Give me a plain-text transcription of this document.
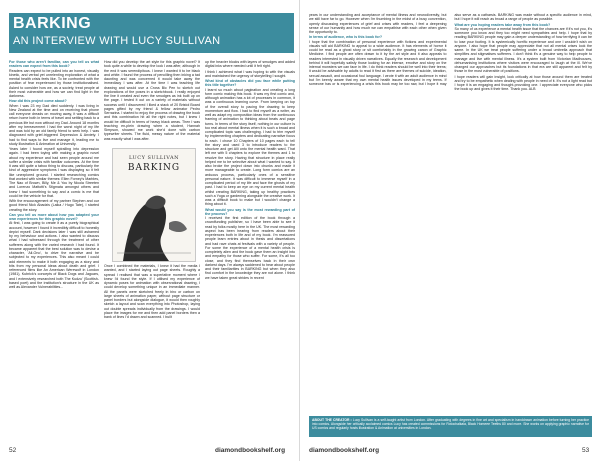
BARKING
AN INTERVIEW WITH LUCY SULLIVAN

For those who aren't familiar, can you tell us what readers can expect from this book?

Readers can expect to be pulled into an honest, visually kinetic, and verbal yet unrelenting exploration of what a mental health crisis feels like. To be confronted with the position of fear experienced by those institutionalised. Asked to consider how we, as a society, treat people at their most vulnerable and how we can find light in the darkness.

How did this project come about?

When I was 23 my Dad died suddenly. I was living in New Zealand at the time and on receiving that phone call everyone dreads on moving away, it was a difficult return home both in terms of travel and settling back to a previous life but now without my Dad. Around 18 months after my bereavement I had the worst night of my life and was told by an old family friend to seek help. I was diagnosed with grief-triggered Depression & Anxiety. I had to find ways to live and manage it, leading me to study illustration & Animation at University.

Years later I found myself spiralling into depression again. I had been toying with making a graphic novel about my experience and had seen people around me suffer a similar crisis with familiar outcomes. At the time it was still quite a taboo thing to discuss, particularly the kind of aggressive symptoms I was displaying so it felt like unexplored ground. I started researching comics that worked with similar themes: Ellen Forney's Marbles, The Nao of Brown, Billy, Me & You by Nicola Streeten and Lorenzo Mattotti's Stigmata amongst others and knew I had something to say and a comic is me that could be the vehicle for that.

With the encouragement of my partner Stephen and our good friend Nick Abadzis (Laika / Hugo Tate), I started creating the story.

Can you tell us more about how you adapted your own experiences for this graphic novel?

At first, I was going to create it as a purely biographical account, however I found it incredibly difficult to honestly depict myself. Dark decisions later I was still ashamed by my behaviour and actions. I also wanted to discuss what I had witnessed through the treatment of other sufferers along with the varied research I had found. It became apparent that the best solution was to devise a character, 'Ali-Ono', to drive the narrative and be subjected to my experiences. This also meant I could add elements to make it both engaging as a story and bits from my personal ideas about death and grief. I referenced films like An American Werewolf in London (1981), Kubrick's concepts of Black Dogs and Jaguars, and I extensively researched both The Kudzu' (Scottish-based poet) and the institution's structure in the UK as well as Alexander Vulnerabilities...

How did you develop the art style for this graphic novel? It took quite a while to develop the look I was after, although in the end it was serendipitous. I knew I wanted it to be black and white. I found the process of pencilling then inking a tad daunting and was concerned it would take away the immediacy I was after. At the time I was teaching life drawing and would use a Cross Bic Pen to sketch out explorations of the poses in a sketchbook. I really enjoyed the line it created and even the smudges as ink built up on the page. I tested it out on a variety of materials without success until I discovered I liked a stack of 20 Bristol Board pages gifted by my friend & fellow animator Pedro Serrazina. I started to enjoy the process of drawing the book and this combination hit all the right notes, but I knew I would be difficult in terms of heavy black areas. Then I was teaching en-plein drawing when a student, Hannah Simpson, showed me work she'd done with carbon typewriter sheets. The fluid, messy nature of the material was exactly what I was after.

LUCY SULLIVAN
BARKING

Once I combined the materials, I knew it had the media I wanted, and I started laying out page sheets. Roughly a spread I realised that was a superlative moment where I knew I'd found the style. If I utilised my experience of dynamic poses for animation with observational drawing, I could develop something unique in an immediate manner. All the panels were sketched freely in biro or carbon on large sheets of animation paper, without page structure or panel borders but alongside dialogue, it would then roughly sketch a layout and scan everything into Photoshop, laying out double spreads individually from the drawings. I would place the images for me and then add panel borders then a bank of lines I'd drawn and scanned. I built

up the heavier blocks with layers of smudges and added digital inks where needed until it felt right.

I think I achieved what I was hoping to with the visuals and maintained the urgency of storytelling I sought.

What kind of obstacles did you face while putting this title together?

I learnt so much about pagination and creating a long form comic making this book. It was my first comic and, although animation has a lot of processes in common, it was a continuous learning curve. From keeping on top of the overall story to pacing the drawing to keep momentum and flow. I had to find myself as a writer, as well as adapt my composition ideas from the continuous framing of animation to thinking about beats and page turns. In terms of the story itself, nothing in our culture is too real about mental illness when it is such a broad and complicated topic was challenging. I had to trim myself by implementing chapters and dedicating narrative focus to each. I chose 10 Chapters of 10 pages each to tell the story and used 3 to introduce readers to the structure and get Alli onto the mental health ward. That left me with 5 chapters to explore the themes and 1 to resolve the story. Having that structure in place really helped me to be selective about what I wanted to say. It also broke the project down into chunks and made it more manageable to create. Long form comics are an arduous process, particularly ones of a sensitive personal nature. It was difficult to immerse myself in a complicated period of my life and face the ghosts of my past. I had to keep an eye on my current mental health whilst creating BARKING, taking up healthy practices such a Yoga or gardening alongside the creative work. It was a difficult book to make but I wouldn't change a thing about it.

What would you say is the most rewarding part of the process?

I received the first edition of the book through a crowdfunding publisher, so I have been able to see it read by folks mostly here in the UK. The most rewarding aspect has been hearing from readers about their experiences both in life and of my book. I'm reassured people learn entries about in thesis and dissertations and had rave chats at festivals with a variety of people. For some the experience of a mental health crisis is completely alien and the book gave them an insight into and empathy for those who suffer. For some, it's all too close, and they find themselves back in their own darkest days. I'm always saddened to hear about people and their familiarities in BARKING but when they also find comfort in the knowledge they are not alone. I think we have taken great strides in recent

52	diamondbookshelf.org

years in our understanding and acceptance of mental illness and neurodiversity, but we still have far to go. However when I'm thumbing in the midst of a busy convention, openly discussing experiences of grief and crises with readers, I feel a deepening sense of our humanity and how much we can empathise with each other when given the opportunity to.

In terms of audience, who is this book for?

I hope that the combination of personal experience with fictions and experimental visuals will aid BARKING to appeal to a wide audience. It has elements of horror it could be read as a ghost story or sit comfortably in the growing canon of Graphic Medicine. I find people are often drawn to it by the art style and it also appeals to readers interested in visually driven narratives. Equally the research and development behind it will hopefully satisfy those looking for an intense, emotive and story on the internal monsters we can face in life. I do think readers should be well into their teens; it would be advisable by adults to read it first as there are themes of suicide, ideation, sexual assault, and occasional foul language. I wrote it with an adult audience in mind but I'm keenly aware that my own mental health issues developed in my teens. If someone has or is experiencing a crisis this book may be too raw, but I hope it may also serve as a catharsis. BARKING was made without a specific audience in mind, but I hope it will reach as broad a range of people as possible.

What are you hoping readers take away from this book?

So many of us experience a mental health issue that the chances are if it's not you, it's someone you know and they too might need sympathies and help. I hope that by reading BARKING people may gain a deeper understanding of how terrifying it can be to lose your footing. It is systemically horrific experience and one I wouldn't wish on anyone. I also hope that people may appreciate that not all mental crises look the same. In the UK we treat people suffering under a broad umbrella approach that simplifies and stigmatises sufferers. I don't think it's a genuine way to help people to manage and live with mental illness. It's a system built from Victorian Madhouses, dehumanising institutions where visitors were encouraged to laugh at the ill. We've changed our approaches but its foundations in that era are still apparent and felt by those in the most vulnerable of positions.

I hope readers will gain insight, look critically at how those around them are treated and try to be empathetic when dealing with people in need of it. It's not a light read but I hope it is an engaging and thought-provoking one. I appreciate everyone who picks the book up and gives it their time. Thank you. ALB

ABOUT THE CREATOR • Lucy Sullivan is a self-taught artist from London. After graduating with degrees in fine art and specialism in handdrawn animation before turning her practice into comics. Alongside her critically acclaimed comics Lucy has created commissions for Rotochalkala, Black Homeee Teeths 80 and more. She works on applying graphic narrative for US comics and regularly hosts illustration & Animation at universities in London.
diamondbookshelf.org	53
